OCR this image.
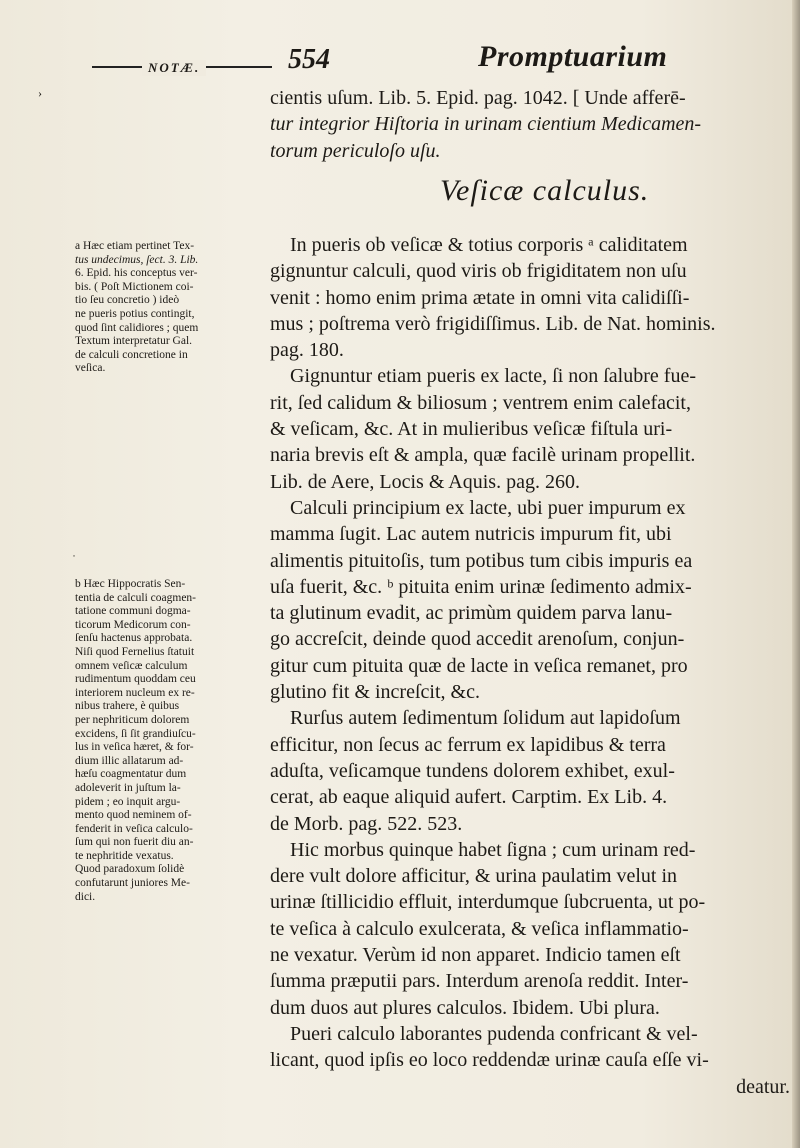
›
NOTÆ.	554	Promptuarium

cientis uſum. Lib. 5. Epid. pag. 1042. [ Unde afferē-

tur integrior Hiſtoria in urinam cientium Medicamen-

torum periculoſo uſu.

Veſicæ calculus.

In pueris ob veſicæ & totius corporis ᵃ caliditatem

gignuntur calculi, quod viris ob frigiditatem non uſu

venit : homo enim prima ætate in omni vita calidiſſi-

mus ; poſtrema verò frigidiſſimus. Lib. de Nat. hominis.

pag. 180.

Gignuntur etiam pueris ex lacte, ſi non ſalubre fue-

rit, ſed calidum & biliosum ; ventrem enim calefacit,

& veſicam, &c. At in mulieribus veſicæ fiſtula uri-

naria brevis eſt & ampla, quæ facilè urinam propellit.

Lib. de Aere, Locis & Aquis. pag. 260.

Calculi principium ex lacte, ubi puer impurum ex

mamma ſugit. Lac autem nutricis impurum fit, ubi

alimentis pituitoſis, tum potibus tum cibis impuris ea

uſa fuerit, &c. ᵇ pituita enim urinæ ſedimento admix-

ta glutinum evadit, ac primùm quidem parva lanu-

go accreſcit, deinde quod accedit arenoſum, conjun-

gitur cum pituita quæ de lacte in veſica remanet, pro

glutino fit & increſcit, &c.

Rurſus autem ſedimentum ſolidum aut lapidoſum

efficitur, non ſecus ac ferrum ex lapidibus & terra

aduſta, veſicamque tundens dolorem exhibet, exul-

cerat, ab eaque aliquid aufert. Carptim. Ex Lib. 4.

de Morb. pag. 522. 523.

Hic morbus quinque habet ſigna ; cum urinam red-

dere vult dolore afficitur, & urina paulatim velut in

urinæ ſtillicidio effluit, interdumque ſubcruenta, ut po-

te veſica à calculo exulcerata, & veſica inflammatio-

ne vexatur. Verùm id non apparet. Indicio tamen eſt

ſumma præputii pars. Interdum arenoſa reddit. Inter-

dum duos aut plures calculos. Ibidem. Ubi plura.

Pueri calculo laborantes pudenda confricant & vel-

licant, quod ipſis eo loco reddendæ urinæ cauſa eſſe vi-

deatur.

a Hæc etiam pertinet Tex-

tus undecimus, ſect. 3. Lib.

6. Epid. his conceptus ver-

bis. ( Poſt Mictionem coi-

tio ſeu concretio ) ideò

ne pueris potius contingit,

quod ſint calidiores ; quem

Textum interpretatur Gal.

de calculi concretione in

veſica.

˙

b Hæc Hippocratis Sen-

tentia de calculi coagmen-

tatione communi dogma-

ticorum Medicorum con-

ſenſu hactenus approbata.

Niſi quod Fernelius ſtatuit

omnem veſicæ calculum

rudimentum quoddam ceu

interiorem nucleum ex re-

nibus trahere, è quibus

per nephriticum dolorem

excidens, ſi ſit grandiuſcu-

lus in veſica hæret, & for-

dium illic allatarum ad-

hæſu coagmentatur dum

adoleverit in juſtum la-

pidem ; eo inquit argu-

mento quod neminem of-

fenderit in veſica calculo-

ſum qui non fuerit diu an-

te nephritide vexatus.

Quod paradoxum ſolidè

confutarunt juniores Me-

dici.
